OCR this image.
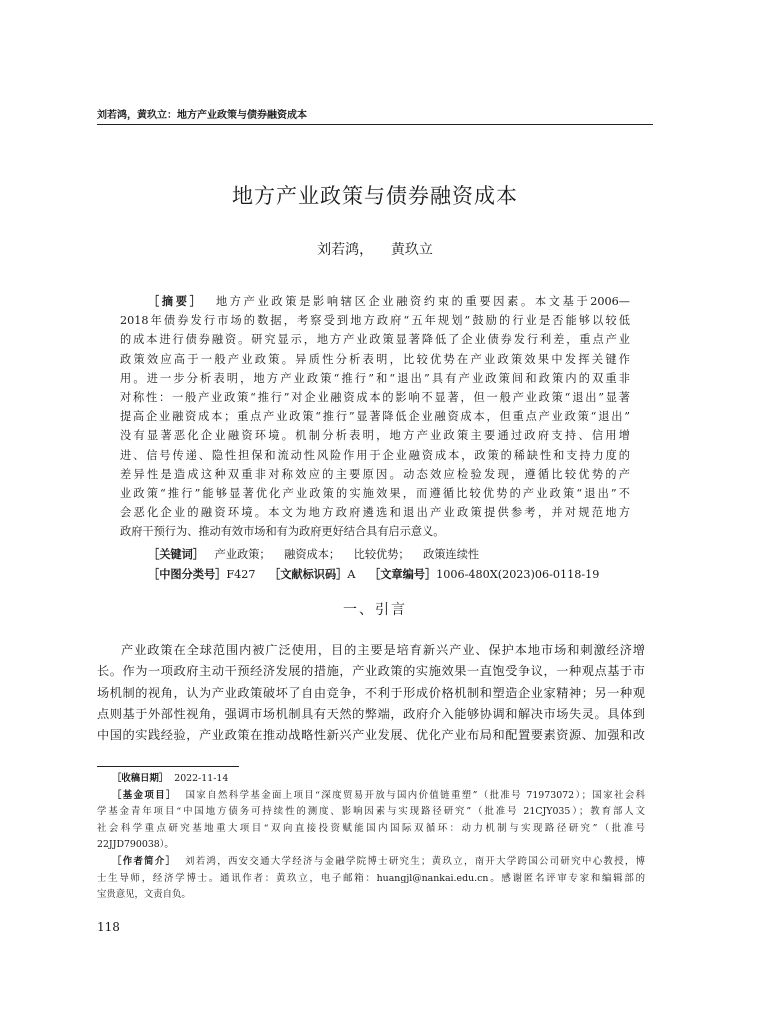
刘若鸿，黄玖立：地方产业政策与债券融资成本
地方产业政策与债券融资成本
刘若鸿，    黄玖立
［摘要］ 地方产业政策是影响辖区企业融资约束的重要因素。本文基于2006—
2018年债券发行市场的数据，考察受到地方政府“五年规划”鼓励的行业是否能够以较低
的成本进行债券融资。研究显示，地方产业政策显著降低了企业债券发行利差，重点产业
政策效应高于一般产业政策。异质性分析表明，比较优势在产业政策效果中发挥关键作
用。进一步分析表明，地方产业政策“推行”和“退出”具有产业政策间和政策内的双重非
对称性：一般产业政策“推行”对企业融资成本的影响不显著，但一般产业政策“退出”显著
提高企业融资成本；重点产业政策“推行”显著降低企业融资成本，但重点产业政策“退出”
没有显著恶化企业融资环境。机制分析表明，地方产业政策主要通过政府支持、信用增
进、信号传递、隐性担保和流动性风险作用于企业融资成本，政策的稀缺性和支持力度的
差异性是造成这种双重非对称效应的主要原因。动态效应检验发现，遵循比较优势的产
业政策“推行”能够显著优化产业政策的实施效果，而遵循比较优势的产业政策“退出”不
会恶化企业的融资环境。本文为地方政府遴选和退出产业政策提供参考，并对规范地方
政府干预行为、推动有效市场和有为政府更好结合具有启示意义。
［关键词］ 产业政策； 融资成本； 比较优势； 政策连续性
［中图分类号］F427 ［文献标识码］A ［文章编号］1006-480X(2023)06-0118-19
一、引言
产业政策在全球范围内被广泛使用，目的主要是培育新兴产业、保护本地市场和刺激经济增
长。作为一项政府主动干预经济发展的措施，产业政策的实施效果一直饱受争议，一种观点基于市
场机制的视角，认为产业政策破坏了自由竞争，不利于形成价格机制和塑造企业家精神；另一种观
点则基于外部性视角，强调市场机制具有天然的弊端，政府介入能够协调和解决市场失灵。具体到
中国的实践经验，产业政策在推动战略性新兴产业发展、优化产业布局和配置要素资源、加强和改
［收稿日期］ 2022-11-14
［基金项目］ 国家自然科学基金面上项目“深度贸易开放与国内价值链重塑”（批准号 71973072）；国家社会科
学基金青年项目“中国地方债务可持续性的测度、影响因素与实现路径研究”（批准号 21CJY035）；教育部人文
社会科学重点研究基地重大项目“双向直接投资赋能国内国际双循环：动力机制与实现路径研究”（批准号
22JJD790038）。
［作者简介］ 刘若鸿，西安交通大学经济与金融学院博士研究生；黄玖立，南开大学跨国公司研究中心教授，博
士生导师，经济学博士。通讯作者：黄玖立，电子邮箱：huangjl@nankai.edu.cn。感谢匿名评审专家和编辑部的
宝贵意见，文责自负。
118
